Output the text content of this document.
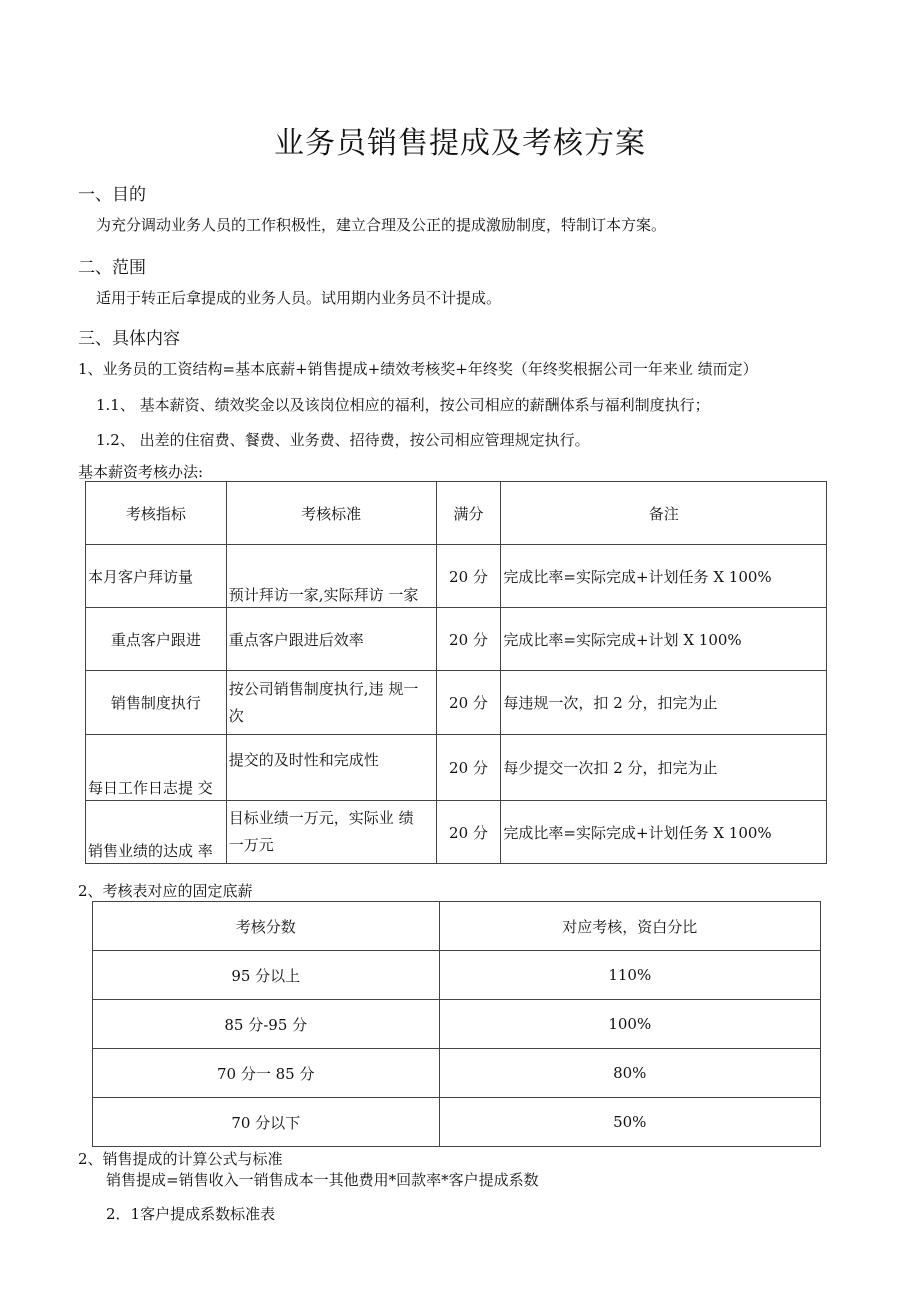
业务员销售提成及考核方案
一、目的
为充分调动业务人员的工作积极性，建立合理及公正的提成激励制度，特制订本方案。
二、范围
适用于转正后拿提成的业务人员。试用期内业务员不计提成。
三、具体内容
1、业务员的工资结构=基本底薪+销售提成+绩效考核奖+年终奖（年终奖根据公司一年来业 绩而定）
1.1、 基本薪资、绩效奖金以及该岗位相应的福利，按公司相应的薪酬体系与福利制度执行；
1.2、 出差的住宿费、餐费、业务费、招待费，按公司相应管理规定执行。
基本薪资考核办法:
考核指标	考核标准	满分	备注
本月客户拜访量	预计拜访一家,实际拜访 一家	20 分	完成比率=实际完成+计划任务 X 100%
重点客户跟进	重点客户跟进后效率	20 分	完成比率=实际完成+计划 X 100%
销售制度执行	按公司销售制度执行,违 规一
次	20 分	每违规一次，扣 2 分，扣完为止
每日工作日志提 交	提交的及时性和完成性	20 分	每少提交一次扣 2 分，扣完为止
销售业绩的达成 率	目标业绩一万元，实际业 绩
一万元	20 分	完成比率=实际完成+计划任务 X 100%
2、考核表对应的固定底薪
考核分数	对应考核，资白分比
95 分以上	110%
85 分-95 分	100%
70 分一 85 分	80%
70 分以下	50%
2、销售提成的计算公式与标准
销售提成=销售收入一销售成本一其他费用*回款率*客户提成系数
2．1客户提成系数标准表
